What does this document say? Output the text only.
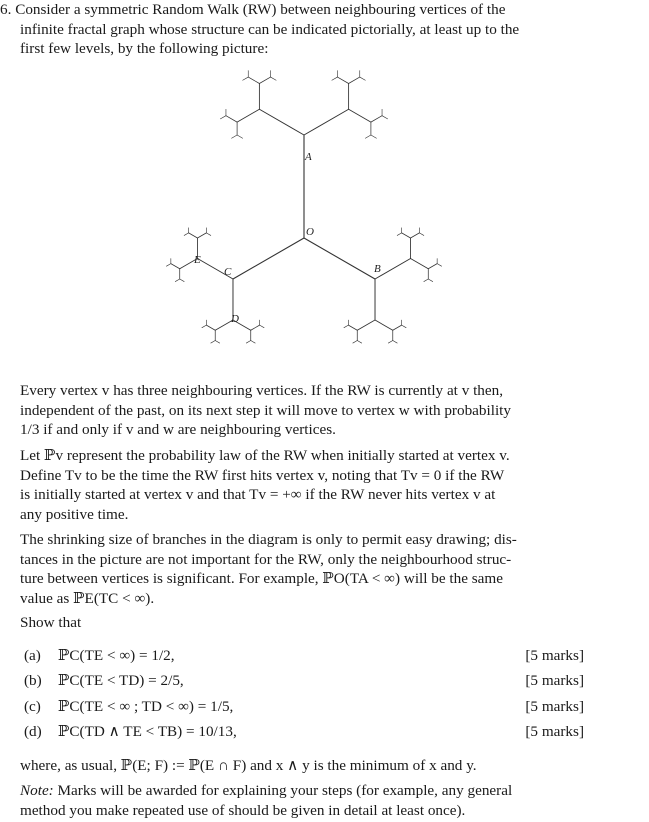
6. Consider a symmetric Random Walk (RW) between neighbouring vertices of the
infinite fractal graph whose structure can be indicated pictorially, at least up to the
first few levels, by the following picture:
A
O
B
C
D
E
Every vertex v has three neighbouring vertices. If the RW is currently at v then,
independent of the past, on its next step it will move to vertex w with probability
1/3 if and only if v and w are neighbouring vertices.
Let ℙv represent the probability law of the RW when initially started at vertex v.
Define Tv to be the time the RW first hits vertex v, noting that Tv = 0 if the RW
is initially started at vertex v and that Tv = +∞ if the RW never hits vertex v at
any positive time.
The shrinking size of branches in the diagram is only to permit easy drawing; dis-
tances in the picture are not important for the RW, only the neighbourhood struc-
ture between vertices is significant. For example, ℙO(TA < ∞) will be the same
value as ℙE(TC < ∞).
Show that
(a) ℙC(TE < ∞) = 1/2,	[5 marks]
(b) ℙC(TE < TD) = 2/5,	[5 marks]
(c) ℙC(TE < ∞ ; TD < ∞) = 1/5,	[5 marks]
(d) ℙC(TD ∧ TE < TB) = 10/13,	[5 marks]
where, as usual, ℙ(E; F) := ℙ(E ∩ F) and x ∧ y is the minimum of x and y.
Note: Marks will be awarded for explaining your steps (for example, any general
method you make repeated use of should be given in detail at least once).
